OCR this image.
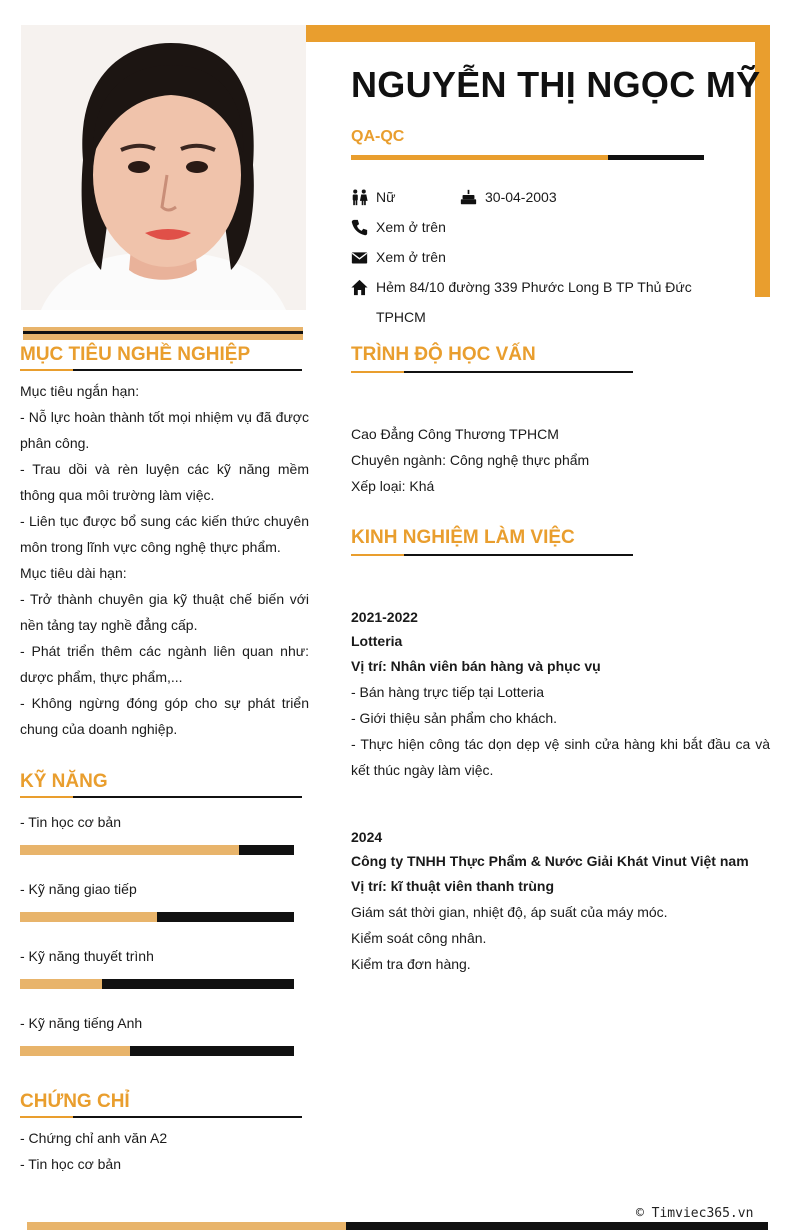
NGUYỄN THỊ NGỌC MỸ
QA-QC
Nữ	30-04-2003
Xem ở trên
Xem ở trên
Hẻm 84/10 đường 339 Phước Long B TP Thủ Đức
TPHCM
MỤC TIÊU NGHỀ NGHIỆP
Mục tiêu ngắn hạn:
- Nỗ lực hoàn thành tốt mọi nhiệm vụ đã được phân công.
- Trau dồi và rèn luyện các kỹ năng mềm thông qua môi trường làm việc.
- Liên tục được bổ sung các kiến thức chuyên môn trong lĩnh vực công nghệ thực phẩm.
Mục tiêu dài hạn:
- Trở thành chuyên gia kỹ thuật chế biến với nền tảng tay nghề đẳng cấp.
- Phát triển thêm các ngành liên quan như: dược phẩm, thực phẩm,...
- Không ngừng đóng góp cho sự phát triển chung của doanh nghiệp.
KỸ NĂNG
- Tin học cơ bản
- Kỹ năng giao tiếp
- Kỹ năng thuyết trình
- Kỹ năng tiếng Anh
CHỨNG CHỈ
- Chứng chỉ anh văn A2
- Tin học cơ bản
TRÌNH ĐỘ HỌC VẤN
Cao Đẳng Công Thương TPHCM
Chuyên ngành: Công nghệ thực phẩm
Xếp loại: Khá
KINH NGHIỆM LÀM VIỆC
2021-2022
Lotteria
Vị trí: Nhân viên bán hàng và phục vụ
- Bán hàng trực tiếp tại Lotteria
- Giới thiệu sản phẩm cho khách.
- Thực hiện công tác dọn dẹp vệ sinh cửa hàng khi bắt đầu ca và kết thúc ngày làm việc.
2024
Công ty TNHH Thực Phẩm & Nước Giải Khát Vinut Việt nam
Vị trí: kĩ thuật viên thanh trùng
Giám sát thời gian, nhiệt độ, áp suất của máy móc.
Kiểm soát công nhân.
Kiểm tra đơn hàng.
© Timviec365.vn
